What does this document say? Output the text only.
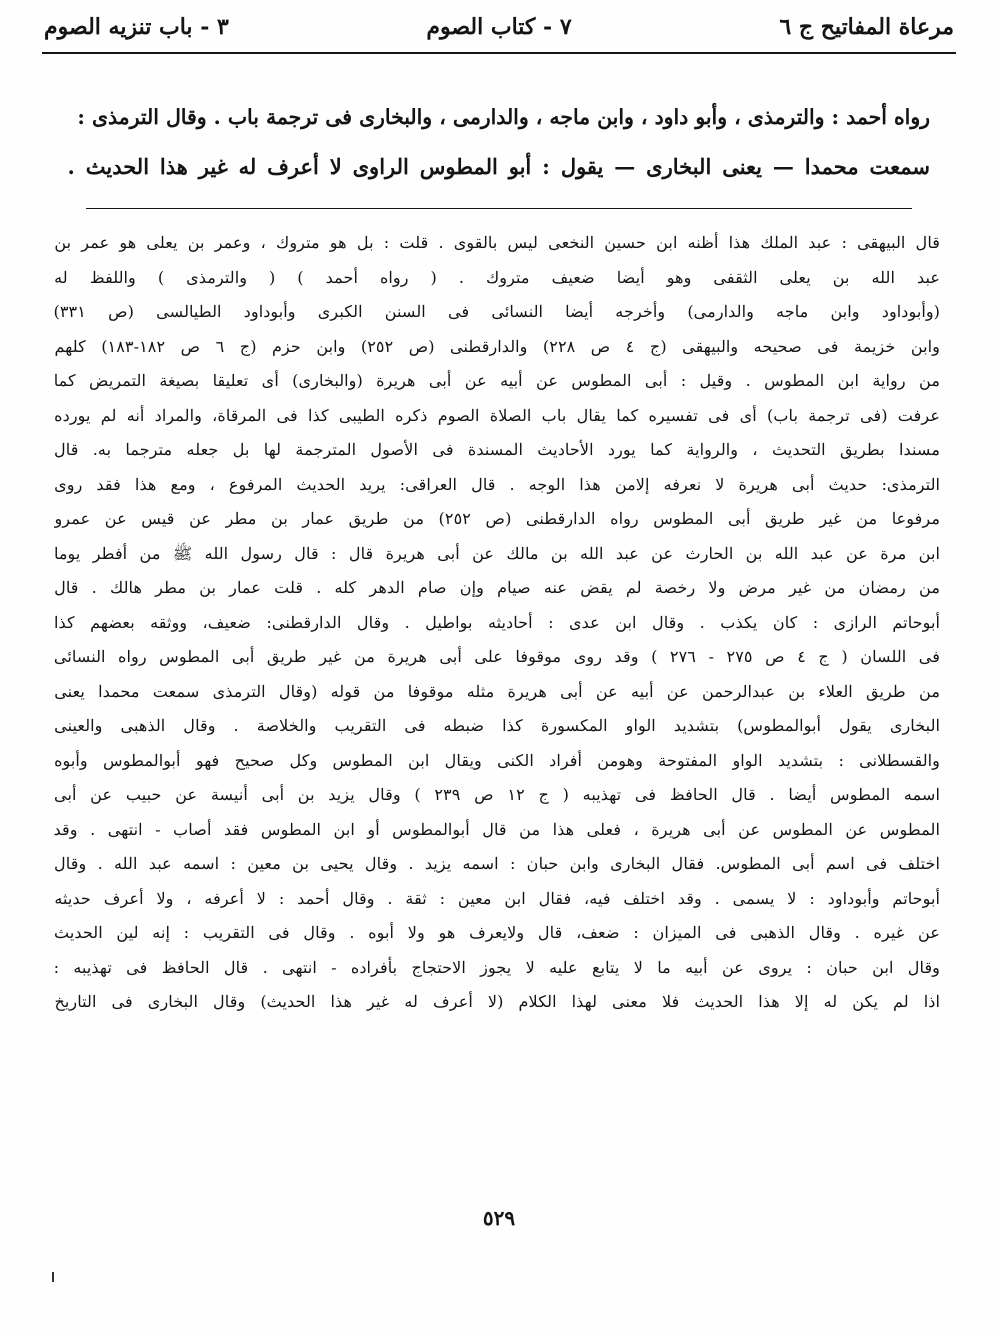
مرعاة المفاتيح ج ٦
٧ - كتاب الصوم
٣ - باب تنزيه الصوم

رواه أحمد : والترمذى ، وأبو داود ، وابن ماجه ، والدارمى ، والبخارى فى ترجمة باب . وقال الترمذى :

سمعت محمدا — يعنى البخارى — يقول : أبو المطوس الراوى لا أعرف له غير هذا الحديث .

قال البيهقى : عبد الملك هذا أظنه ابن حسين النخعى ليس بالقوى . قلت : بل هو متروك ، وعمر بن يعلى هو عمر بن

عبد الله بن يعلى الثقفى وهو أيضا ضعيف متروك . ( رواه أحمد ) ( والترمذى ) واللفظ له

(وأبوداود وابن ماجه والدارمى) وأخرجه أيضا النسائى فى السنن الكبرى وأبوداود الطيالسى (ص ٣٣١)

وابن خزيمة فى صحيحه والبيهقى (ج ٤ ص ٢٢٨) والدارقطنى (ص ٢٥٢) وابن حزم (ج ٦ ص ١٨٢-١٨٣) كلهم

من رواية ابن المطوس . وقيل : أبى المطوس عن أبيه عن أبى هريرة (والبخارى) أى تعليقا بصيغة التمريض كما

عرفت (فى ترجمة باب) أى فى تفسيره كما يقال باب الصلاة الصوم ذكره الطيبى كذا فى المرقاة، والمراد أنه لم يورده

مسندا بطريق التحديث ، والرواية كما يورد الأحاديث المسندة فى الأصول المترجمة لها بل جعله مترجما به. قال

الترمذى: حديث أبى هريرة لا نعرفه إلامن هذا الوجه . قال العراقى: يريد الحديث المرفوع ، ومع هذا فقد روى

مرفوعا من غير طريق أبى المطوس رواه الدارقطنى (ص ٢٥٢) من طريق عمار بن مطر عن قيس عن عمرو

ابن مرة عن عبد الله بن الحارث عن عبد الله بن مالك عن أبى هريرة قال : قال رسول الله ﷺ من أفطر يوما

من رمضان من غير مرض ولا رخصة لم يقض عنه صيام وإن صام الدهر كله . قلت عمار بن مطر هالك . قال

أبوحاتم الرازى : كان يكذب . وقال ابن عدى : أحاديثه بواطيل . وقال الدارقطنى: ضعيف، ووثقه بعضهم كذا

فى اللسان ( ج ٤ ص ٢٧٥ - ٢٧٦ ) وقد روى موقوفا على أبى هريرة من غير طريق أبى المطوس رواه النسائى

من طريق العلاء بن عبدالرحمن عن أبيه عن أبى هريرة مثله موقوفا من قوله (وقال الترمذى سمعت محمدا يعنى

البخارى يقول أبوالمطوس) بتشديد الواو المكسورة كذا ضبطه فى التقريب والخلاصة . وقال الذهبى والعينى

والقسطلانى : بتشديد الواو المفتوحة وهومن أفراد الكنى ويقال ابن المطوس وكل صحيح فهو أبوالمطوس وأبوه

اسمه المطوس أيضا . قال الحافظ فى تهذيبه ( ج ١٢ ص ٢٣٩ ) وقال يزيد بن أبى أنيسة عن حبيب عن أبى

المطوس عن المطوس عن أبى هريرة ، فعلى هذا من قال أبوالمطوس أو ابن المطوس فقد أصاب - انتهى . وقد

اختلف فى اسم أبى المطوس. فقال البخارى وابن حبان : اسمه يزيد . وقال يحيى بن معين : اسمه عبد الله . وقال

أبوحاتم وأبوداود : لا يسمى . وقد اختلف فيه، فقال ابن معين : ثقة . وقال أحمد : لا أعرفه ، ولا أعرف حديثه

عن غيره . وقال الذهبى فى الميزان : ضعف، قال ولايعرف هو ولا أبوه . وقال فى التقريب : إنه لين الحديث

وقال ابن حبان : يروى عن أبيه ما لا يتابع عليه لا يجوز الاحتجاج بأفراده - انتهى . قال الحافظ فى تهذيبه :

اذا لم يكن له إلا هذا الحديث فلا معنى لهذا الكلام (لا أعرف له غير هذا الحديث) وقال البخارى فى التاريخ

٥٢٩
